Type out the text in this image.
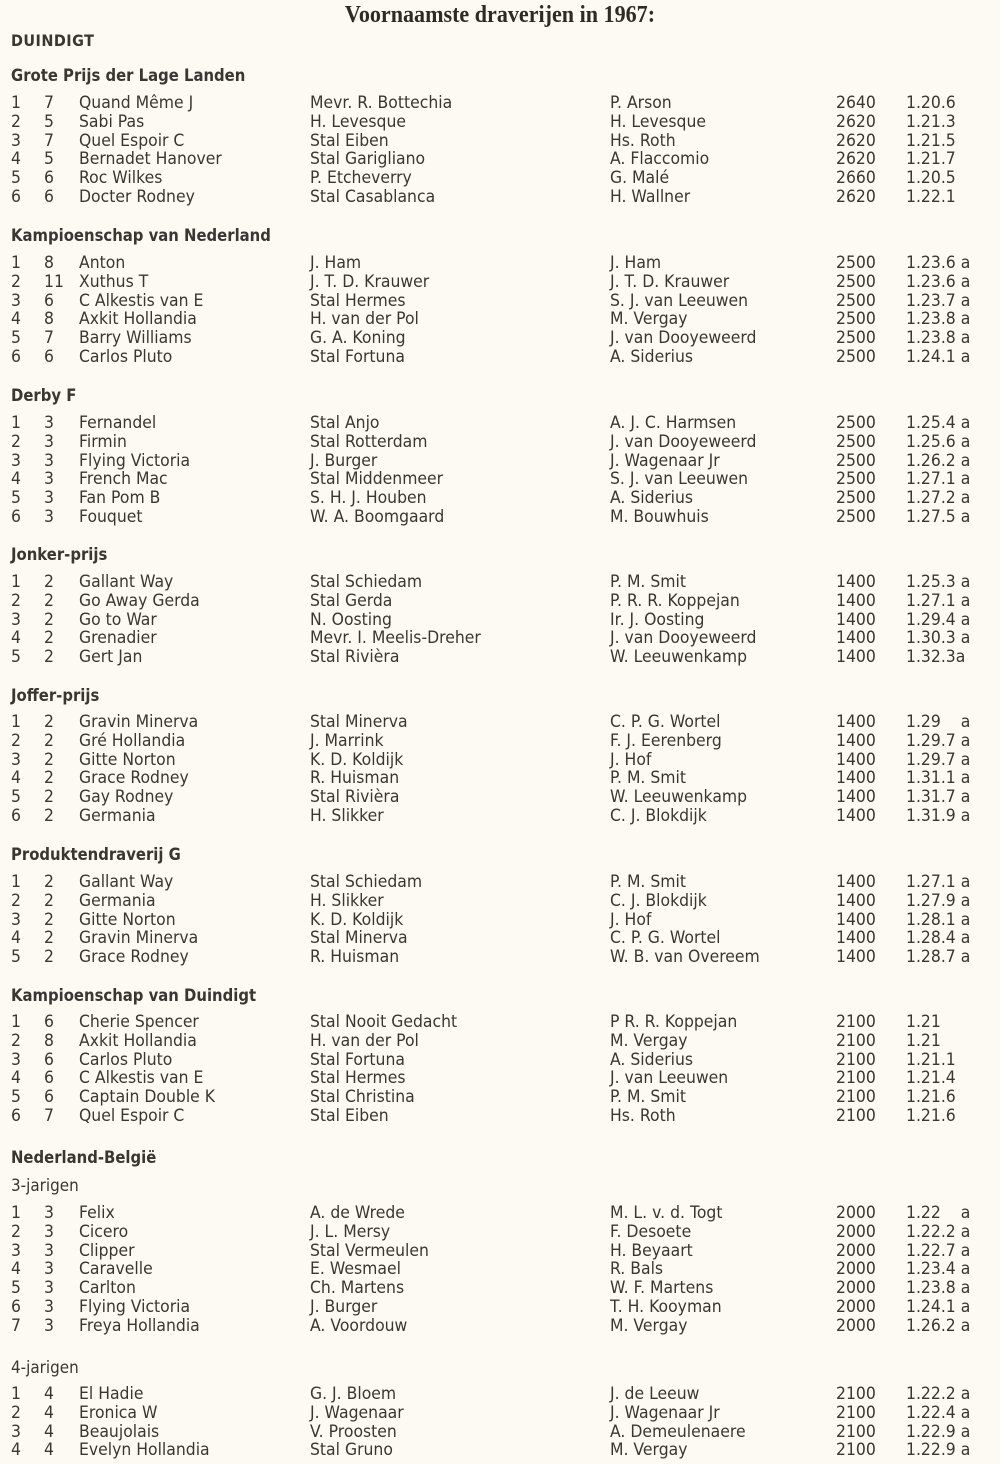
Voornaamste draverijen in 1967:
DUINDIGT
Grote Prijs der Lage Landen
1 7 Quand Même J	Mevr. R. Bottechia	P. Arson	2640 1.20.6
2 5 Sabi Pas	H. Levesque	H. Levesque	2620 1.21.3
3 7 Quel Espoir C	Stal Eiben	Hs. Roth	2620 1.21.5
4 5 Bernadet Hanover	Stal Garigliano	A. Flaccomio	2620 1.21.7
5 6 Roc Wilkes	P. Etcheverry	G. Malé	2660 1.20.5
6 6 Docter Rodney	Stal Casablanca	H. Wallner	2620 1.22.1
Kampioenschap van Nederland
1 8 Anton	J. Ham	J. Ham	2500 1.23.6 a
2 11 Xuthus T	J. T. D. Krauwer	J. T. D. Krauwer	2500 1.23.6 a
3 6 C Alkestis van E	Stal Hermes	S. J. van Leeuwen	2500 1.23.7 a
4 8 Axkit Hollandia	H. van der Pol	M. Vergay	2500 1.23.8 a
5 7 Barry Williams	G. A. Koning	J. van Dooyeweerd	2500 1.23.8 a
6 6 Carlos Pluto	Stal Fortuna	A. Siderius	2500 1.24.1 a
Derby F
1 3 Fernandel	Stal Anjo	A. J. C. Harmsen	2500 1.25.4 a
2 3 Firmin	Stal Rotterdam	J. van Dooyeweerd	2500 1.25.6 a
3 3 Flying Victoria	J. Burger	J. Wagenaar Jr	2500 1.26.2 a
4 3 French Mac	Stal Middenmeer	S. J. van Leeuwen	2500 1.27.1 a
5 3 Fan Pom B	S. H. J. Houben	A. Siderius	2500 1.27.2 a
6 3 Fouquet	W. A. Boomgaard	M. Bouwhuis	2500 1.27.5 a
Jonker-prijs
1 2 Gallant Way	Stal Schiedam	P. M. Smit	1400 1.25.3 a
2 2 Go Away Gerda	Stal Gerda	P. R. R. Koppejan	1400 1.27.1 a
3 2 Go to War	N. Oosting	Ir. J. Oosting	1400 1.29.4 a
4 2 Grenadier	Mevr. I. Meelis-Dreher	J. van Dooyeweerd	1400 1.30.3 a
5 2 Gert Jan	Stal Rivièra	W. Leeuwenkamp	1400 1.32.3a
Joffer-prijs
1 2 Gravin Minerva	Stal Minerva	C. P. G. Wortel	1400 1.29    a
2 2 Gré Hollandia	J. Marrink	F. J. Eerenberg	1400 1.29.7 a
3 2 Gitte Norton	K. D. Koldijk	J. Hof	1400 1.29.7 a
4 2 Grace Rodney	R. Huisman	P. M. Smit	1400 1.31.1 a
5 2 Gay Rodney	Stal Rivièra	W. Leeuwenkamp	1400 1.31.7 a
6 2 Germania	H. Slikker	C. J. Blokdijk	1400 1.31.9 a
Produktendraverij G
1 2 Gallant Way	Stal Schiedam	P. M. Smit	1400 1.27.1 a
2 2 Germania	H. Slikker	C. J. Blokdijk	1400 1.27.9 a
3 2 Gitte Norton	K. D. Koldijk	J. Hof	1400 1.28.1 a
4 2 Gravin Minerva	Stal Minerva	C. P. G. Wortel	1400 1.28.4 a
5 2 Grace Rodney	R. Huisman	W. B. van Overeem	1400 1.28.7 a
Kampioenschap van Duindigt
1 6 Cherie Spencer	Stal Nooit Gedacht	P R. R. Koppejan	2100 1.21
2 8 Axkit Hollandia	H. van der Pol	M. Vergay	2100 1.21
3 6 Carlos Pluto	Stal Fortuna	A. Siderius	2100 1.21.1
4 6 C Alkestis van E	Stal Hermes	J. van Leeuwen	2100 1.21.4
5 6 Captain Double K	Stal Christina	P. M. Smit	2100 1.21.6
6 7 Quel Espoir C	Stal Eiben	Hs. Roth	2100 1.21.6
Nederland-België
3-jarigen
1 3 Felix	A. de Wrede	M. L. v. d. Togt	2000 1.22    a
2 3 Cicero	J. L. Mersy	F. Desoete	2000 1.22.2 a
3 3 Clipper	Stal Vermeulen	H. Beyaart	2000 1.22.7 a
4 3 Caravelle	E. Wesmael	R. Bals	2000 1.23.4 a
5 3 Carlton	Ch. Martens	W. F. Martens	2000 1.23.8 a
6 3 Flying Victoria	J. Burger	T. H. Kooyman	2000 1.24.1 a
7 3 Freya Hollandia	A. Voordouw	M. Vergay	2000 1.26.2 a
4-jarigen
1 4 El Hadie	G. J. Bloem	J. de Leeuw	2100 1.22.2 a
2 4 Eronica W	J. Wagenaar	J. Wagenaar Jr	2100 1.22.4 a
3 4 Beaujolais	V. Proosten	A. Demeulenaere	2100 1.22.9 a
4 4 Evelyn Hollandia	Stal Gruno	M. Vergay	2100 1.22.9 a
